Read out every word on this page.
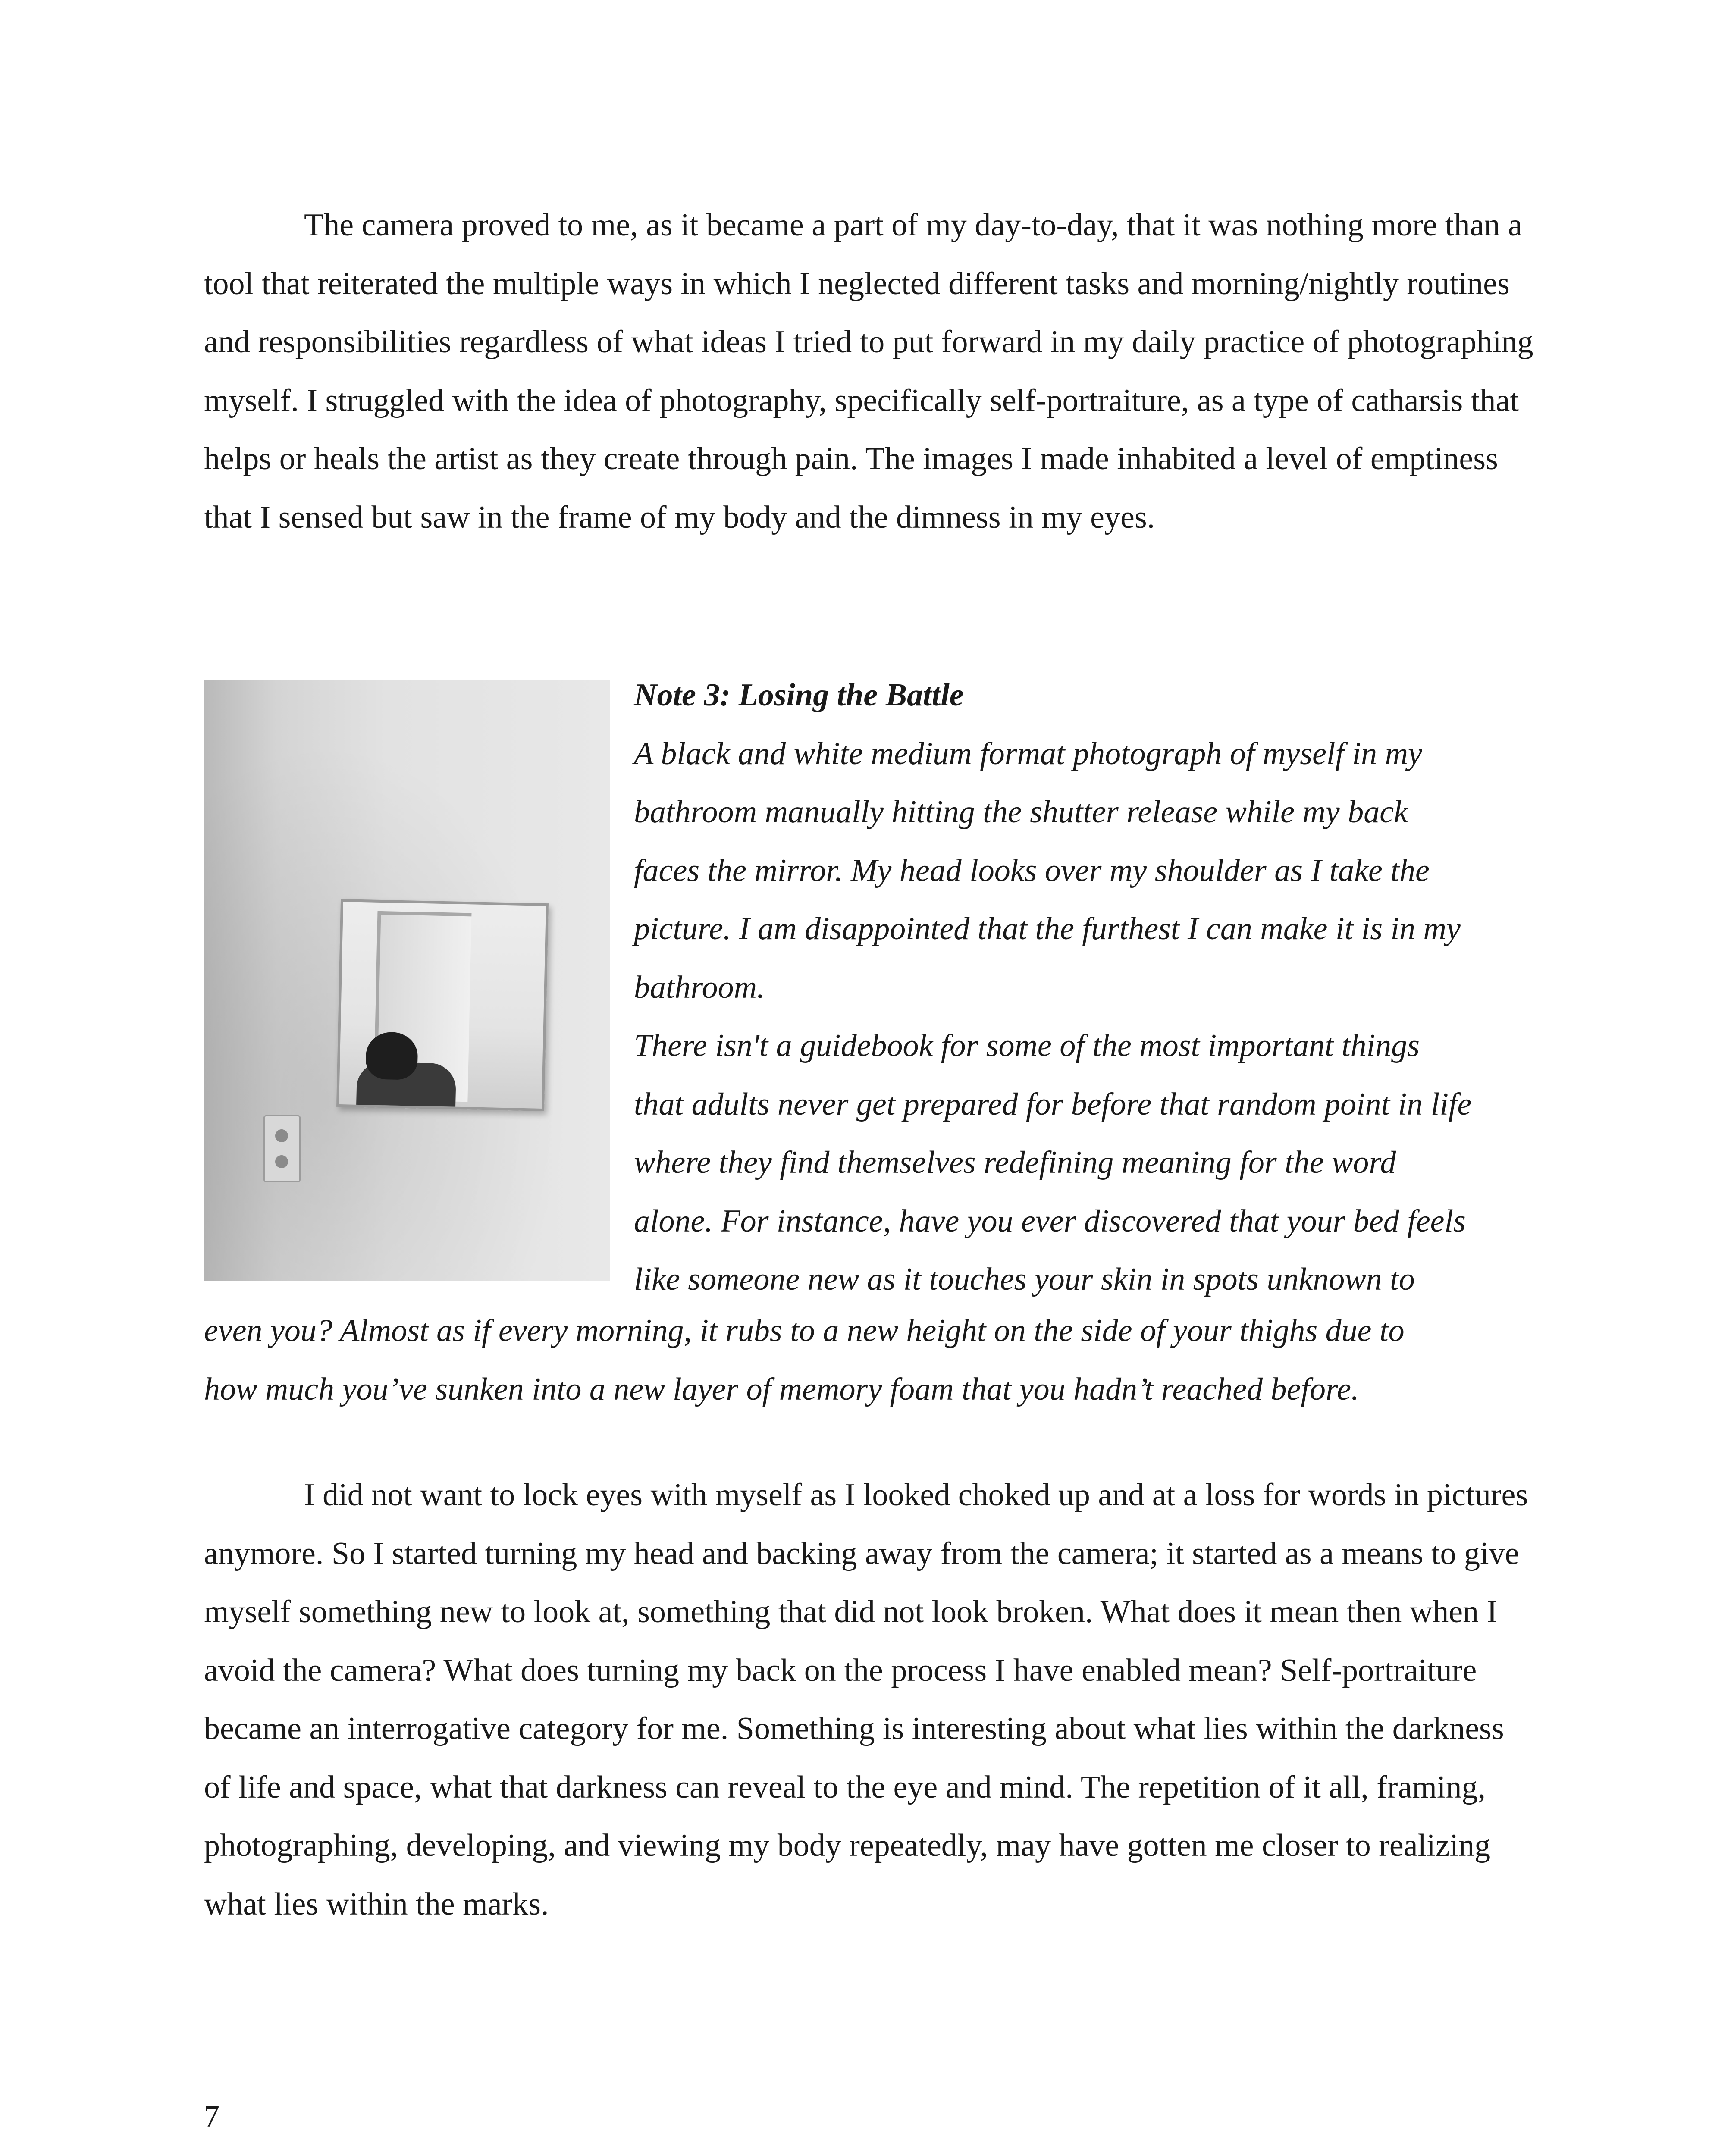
The camera proved to me, as it became a part of my day-to-day, that it was nothing more than a tool that reiterated the multiple ways in which I neglected different tasks and morning/nightly routines and responsibilities regardless of what ideas I tried to put forward in my daily practice of photographing myself. I struggled with the idea of photography, specifically self-portraiture, as a type of catharsis that helps or heals the artist as they create through pain. The images I made inhabited a level of emptiness that I sensed but saw in the frame of my body and the dimness in my eyes.

Note 3: Losing the Battle
A black and white medium format photograph of myself in my
bathroom manually hitting the shutter release while my back
faces the mirror. My head looks over my shoulder as I take the
picture. I am disappointed that the furthest I can make it is in my
bathroom.
There isn't a guidebook for some of the most important things
that adults never get prepared for before that random point in life
where they find themselves redefining meaning for the word
alone. For instance, have you ever discovered that your bed feels
like someone new as it touches your skin in spots unknown to
even you? Almost as if every morning, it rubs to a new height on the side of your thighs due to
how much you’ve sunken into a new layer of memory foam that you hadn’t reached before.

I did not want to lock eyes with myself as I looked choked up and at a loss for words in pictures anymore. So I started turning my head and backing away from the camera; it started as a means to give myself something new to look at, something that did not look broken. What does it mean then when I avoid the camera? What does turning my back on the process I have enabled mean? Self-portraiture became an interrogative category for me. Something is interesting about what lies within the darkness of life and space, what that darkness can reveal to the eye and mind. The repetition of it all, framing, photographing, developing, and viewing my body repeatedly, may have gotten me closer to realizing what lies within the marks.

7
